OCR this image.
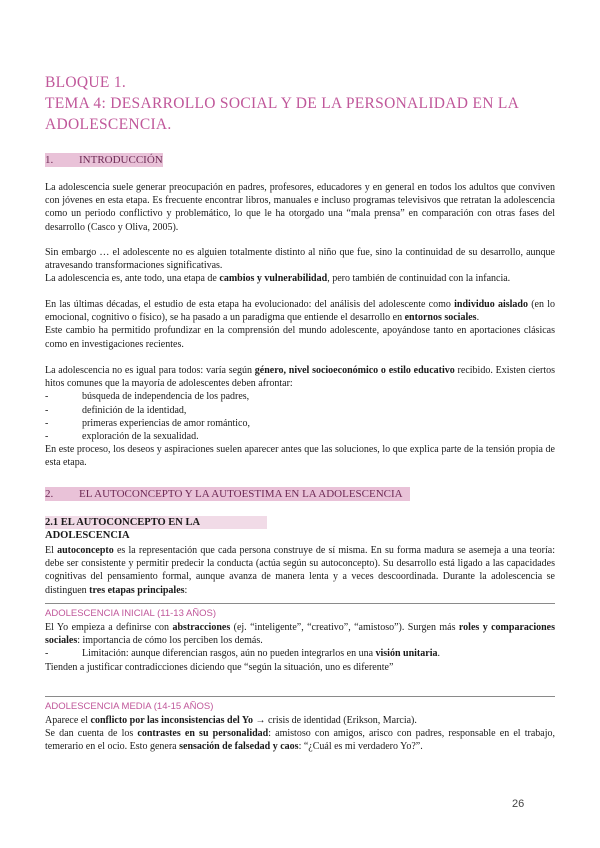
BLOQUE 1.
TEMA 4: DESARROLLO SOCIAL Y DE LA PERSONALIDAD EN LA
ADOLESCENCIA.
1. INTRODUCCIÓN

La adolescencia suele generar preocupación en padres, profesores, educadores y en general en todos los adultos que conviven con jóvenes en esta etapa. Es frecuente encontrar libros, manuales e incluso programas televisivos que retratan la adolescencia como un periodo conflictivo y problemático, lo que le ha otorgado una “mala prensa” en comparación con otras fases del desarrollo (Casco y Oliva, 2005).

Sin embargo … el adolescente no es alguien totalmente distinto al niño que fue, sino la continuidad de su desarrollo, aunque atravesando transformaciones significativas.

La adolescencia es, ante todo, una etapa de cambios y vulnerabilidad, pero también de continuidad con la infancia.

En las últimas décadas, el estudio de esta etapa ha evolucionado: del análisis del adolescente como individuo aislado (en lo emocional, cognitivo o físico), se ha pasado a un paradigma que entiende el desarrollo en entornos sociales.

Este cambio ha permitido profundizar en la comprensión del mundo adolescente, apoyándose tanto en aportaciones clásicas como en investigaciones recientes.

La adolescencia no es igual para todos: varía según género, nivel socioeconómico o estilo educativo recibido. Existen ciertos hitos comunes que la mayoría de adolescentes deben afrontar:

-	búsqueda de independencia de los padres,
-	definición de la identidad,
-	primeras experiencias de amor romántico,
-	exploración de la sexualidad.

En este proceso, los deseos y aspiraciones suelen aparecer antes que las soluciones, lo que explica parte de la tensión propia de esta etapa.

2. EL AUTOCONCEPTO Y LA AUTOESTIMA EN LA ADOLESCENCIA
2.1 EL AUTOCONCEPTO EN LA ADOLESCENCIA

El autoconcepto es la representación que cada persona construye de sí misma. En su forma madura se asemeja a una teoría: debe ser consistente y permitir predecir la conducta (actúa según su autoconcepto). Su desarrollo está ligado a las capacidades cognitivas del pensamiento formal, aunque avanza de manera lenta y a veces descoordinada. Durante la adolescencia se distinguen tres etapas principales:

ADOLESCENCIA INICIAL (11-13 AÑOS)

El Yo empieza a definirse con abstracciones (ej. “inteligente”, “creativo”, “amistoso”). Surgen más roles y comparaciones sociales: importancia de cómo los perciben los demás.

-	Limitación: aunque diferencian rasgos, aún no pueden integrarlos en una visión unitaria.

Tienden a justificar contradicciones diciendo que “según la situación, uno es diferente”

ADOLESCENCIA MEDIA (14-15 AÑOS)

Aparece el conflicto por las inconsistencias del Yo → crisis de identidad (Erikson, Marcia).

Se dan cuenta de los contrastes en su personalidad: amistoso con amigos, arisco con padres, responsable en el trabajo, temerario en el ocio. Esto genera sensación de falsedad y caos: “¿Cuál es mi verdadero Yo?”.

26
